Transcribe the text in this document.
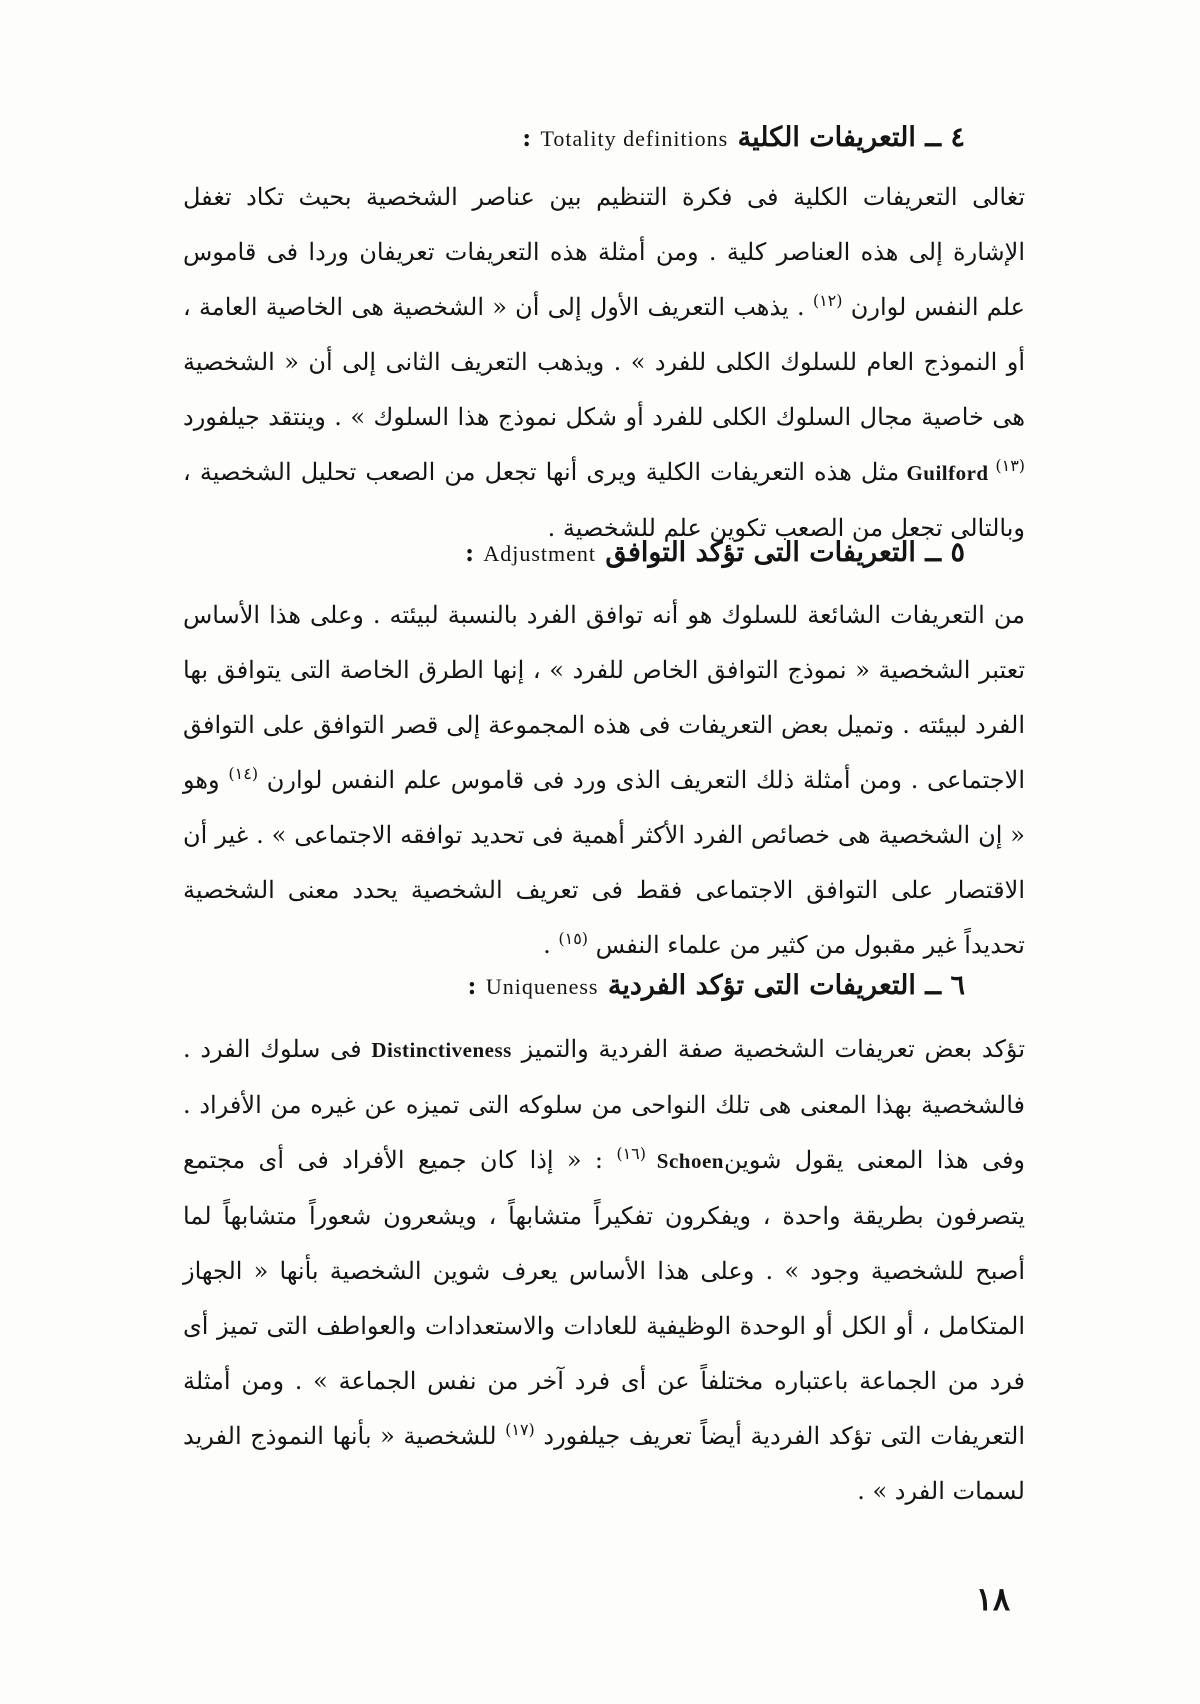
٤ ــ التعريفات الكلية Totality definitions :

تغالى التعريفات الكلية فى فكرة التنظيم بين عناصر الشخصية بحيث تكاد تغفل الإشارة إلى هذه العناصر كلية . ومن أمثلة هذه التعريفات تعريفان وردا فى قاموس علم النفس لوارن $^{(١٢)}$ . يذهب التعريف الأول إلى أن « الشخصية هى الخاصية العامة ، أو النموذج العام للسلوك الكلى للفرد » . ويذهب التعريف الثانى إلى أن « الشخصية هى خاصية مجال السلوك الكلى للفرد أو شكل نموذج هذا السلوك » . وينتقد جيلفورد $^{(١٣)}$ Guilford مثل هذه التعريفات الكلية ويرى أنها تجعل من الصعب تحليل الشخصية ، وبالتالى تجعل من الصعب تكوين علم للشخصية .

٥ ــ التعريفات التى تؤكد التوافق Adjustment :

من التعريفات الشائعة للسلوك هو أنه توافق الفرد بالنسبة لبيئته . وعلى هذا الأساس تعتبر الشخصية « نموذج التوافق الخاص للفرد » ، إنها الطرق الخاصة التى يتوافق بها الفرد لبيئته . وتميل بعض التعريفات فى هذه المجموعة إلى قصر التوافق على التوافق الاجتماعى . ومن أمثلة ذلك التعريف الذى ورد فى قاموس علم النفس لوارن $^{(١٤)}$ وهو « إن الشخصية هى خصائص الفرد الأكثر أهمية فى تحديد توافقه الاجتماعى » . غير أن الاقتصار على التوافق الاجتماعى فقط فى تعريف الشخصية يحدد معنى الشخصية تحديداً غير مقبول من كثير من علماء النفس $^{(١٥)}$ .

٦ ــ التعريفات التى تؤكد الفردية Uniqueness :

تؤكد بعض تعريفات الشخصية صفة الفردية والتميز Distinctiveness فى سلوك الفرد . فالشخصية بهذا المعنى هى تلك النواحى من سلوكه التى تميزه عن غيره من الأفراد . وفى هذا المعنى يقول شوينSchoen $^{(١٦)}$ : « إذا كان جميع الأفراد فى أى مجتمع يتصرفون بطريقة واحدة ، ويفكرون تفكيراً متشابهاً ، ويشعرون شعوراً متشابهاً لما أصبح للشخصية وجود » . وعلى هذا الأساس يعرف شوين الشخصية بأنها « الجهاز المتكامل ، أو الكل أو الوحدة الوظيفية للعادات والاستعدادات والعواطف التى تميز أى فرد من الجماعة باعتباره مختلفاً عن أى فرد آخر من نفس الجماعة » . ومن أمثلة التعريفات التى تؤكد الفردية أيضاً تعريف جيلفورد $^{(١٧)}$ للشخصية « بأنها النموذج الفريد لسمات الفرد » .

١٨
